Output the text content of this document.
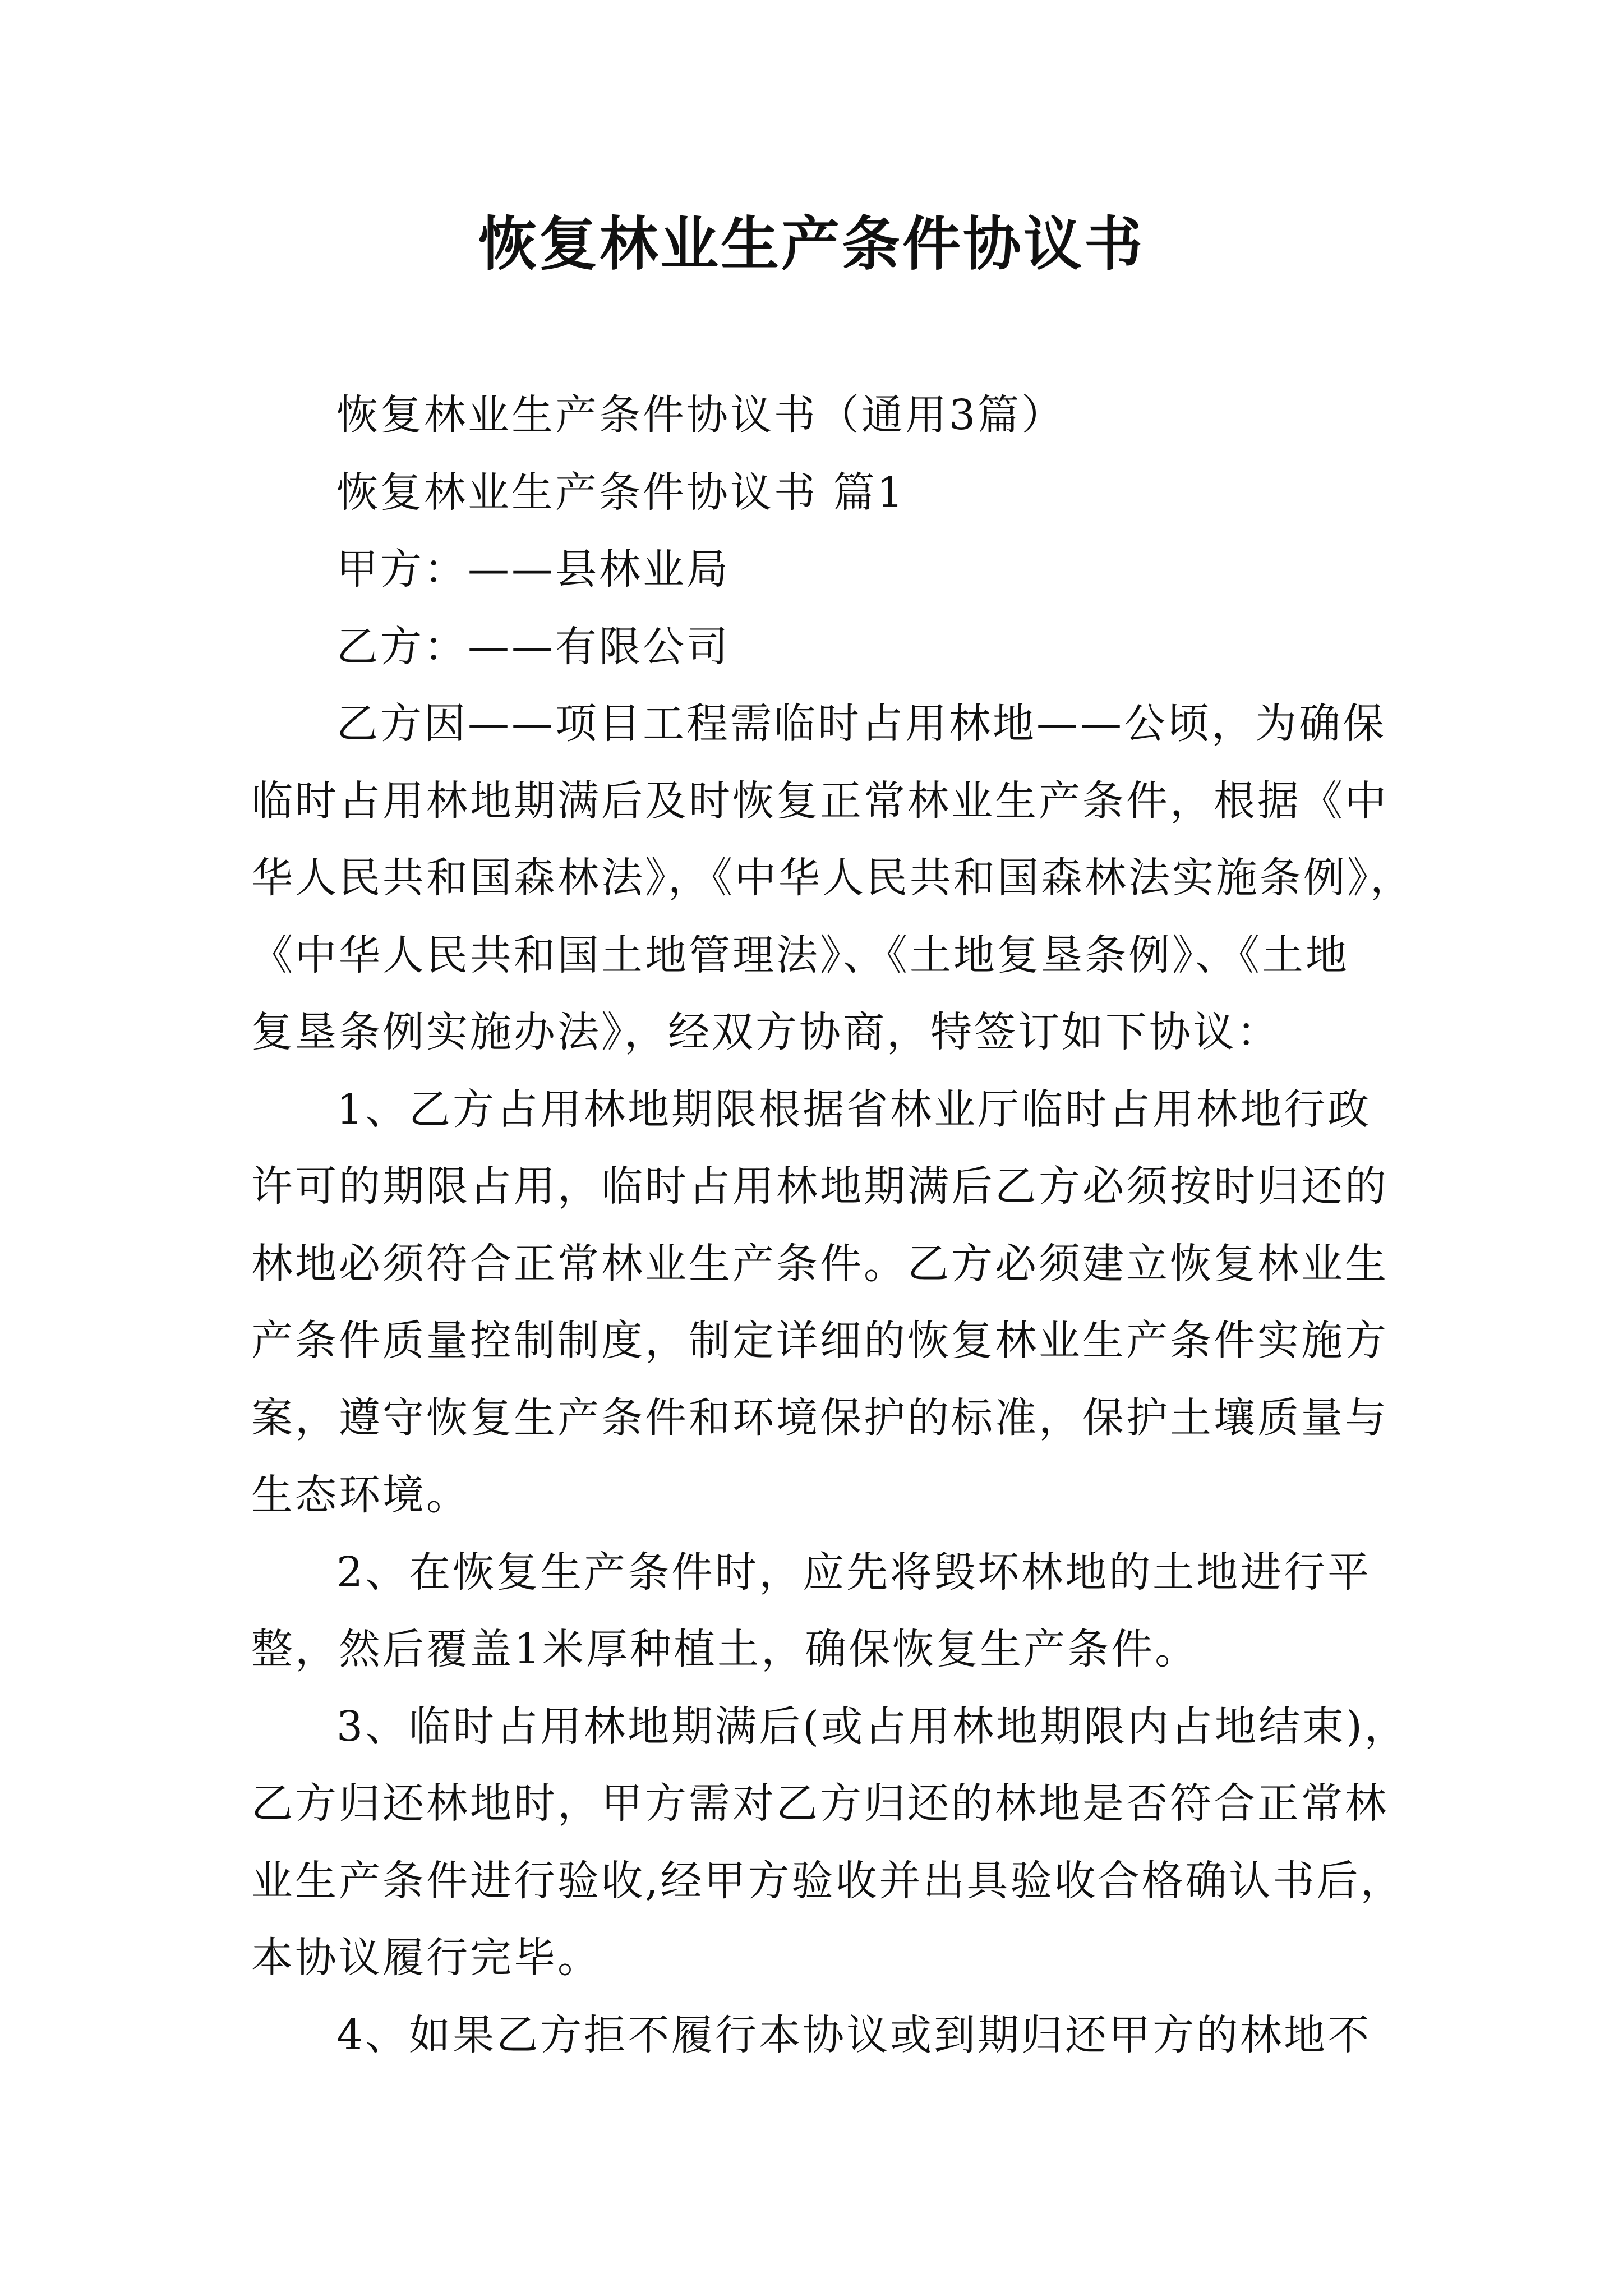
恢复林业生产条件协议书
恢复林业生产条件协议书（通用3篇）
恢复林业生产条件协议书 篇1
甲方：——县林业局
乙方：——有限公司
乙方因——项目工程需临时占用林地——公顷，为确保
临时占用林地期满后及时恢复正常林业生产条件，根据《中
华人民共和国森林法》，《中华人民共和国森林法实施条例》，
《中华人民共和国土地管理法》、《土地复垦条例》、《土地
复垦条例实施办法》，经双方协商，特签订如下协议：
1、乙方占用林地期限根据省林业厅临时占用林地行政
许可的期限占用，临时占用林地期满后乙方必须按时归还的
林地必须符合正常林业生产条件。乙方必须建立恢复林业生
产条件质量控制制度，制定详细的恢复林业生产条件实施方
案，遵守恢复生产条件和环境保护的标准，保护土壤质量与
生态环境。
2、在恢复生产条件时，应先将毁坏林地的土地进行平
整，然后覆盖1米厚种植土，确保恢复生产条件。
3、临时占用林地期满后(或占用林地期限内占地结束)，
乙方归还林地时，甲方需对乙方归还的林地是否符合正常林
业生产条件进行验收,经甲方验收并出具验收合格确认书后，
本协议履行完毕。
4、如果乙方拒不履行本协议或到期归还甲方的林地不
